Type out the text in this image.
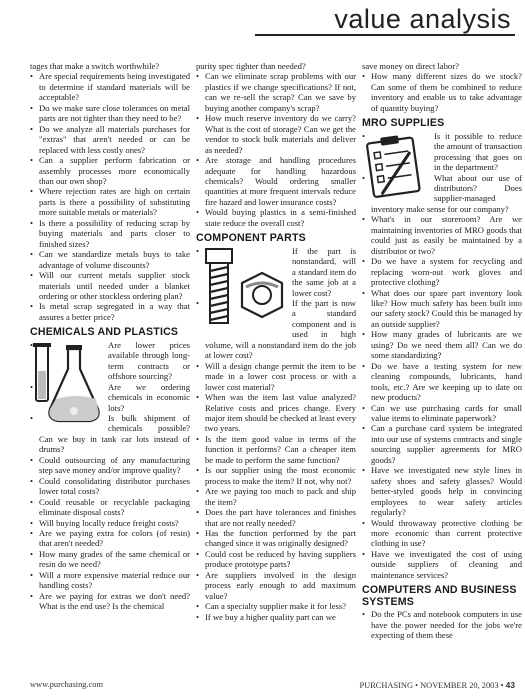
value analysis
tages that make a switch worthwhile?
• Are special requirements being investigated to determine if standard materials will be acceptable?
• Do we make sure close tolerances on metal parts are not tighter than they need to be?
• Do we analyze all materials purchases for "extras" that aren't needed or can be replaced with less costly ones?
• Can a supplier perform fabrication or assembly processes more economically than our own shop?
• Where rejection rates are high on certain parts is there a possibility of substituting more suitable metals or materials?
• Is there a possibility of reducing scrap by buying materials and parts closer to finished sizes?
• Can we standardize metals buys to take advantage of volume discounts?
• Will our current metals supplier stock materials until needed under a blanket ordering or other stockless ordering plan?
• Is metal scrap segregated in a way that assures a better price?
CHEMICALS AND PLASTICS
• Are lower prices available through long-term contracts or offshore sourcing?
• Are we ordering chemicals in economic lots?
• Is bulk shipment of chemicals possible? Can we buy in tank car lots instead of drums?
• Could outsourcing of any manufacturing step save money and/or improve quality?
• Could consolidating distributor purchases lower total costs?
• Could reusable or recyclable packaging eliminate disposal costs?
• Will buying locally reduce freight costs?
• Are we paying extra for colors (of resin) that aren't needed?
• How many grades of the same chemical or resin do we need?
• Will a more expensive material reduce our handling costs?
• Are we paying for extras we don't need? What is the end use? Is the chemical
purity spec tighter than needed?
• Can we eliminate scrap problems with our plastics if we change specifications? If not, can we re-sell the scrap? Can we save by buying another company's scrap?
• How much reserve inventory do we carry? What is the cost of storage? Can we get the vendor to stock bulk materials and deliver as needed?
• Are storage and handling procedures adequate for handling hazardous chemicals? Would ordering smaller quantities at more frequent intervals reduce fire hazard and lower insurance costs?
• Would buying plastics in a semi-finished state reduce the overall cost?
COMPONENT PARTS
• If the part is nonstandard, will a standard item do the same job at a lower cost?
• If the part is now a standard component and is used in high volume, will a nonstandard item do the job at lower cost?
• Will a design change permit the item to be made in a lower cost process or with a lower cost material?
• When was the item last value analyzed? Relative costs and prices change. Every major item should be checked at least every two years.
• Is the item good value in terms of the function it performs? Can a cheaper item be made to perform the same function?
• Is our supplier using the most economic process to make the item? If not, why not?
• Are we paying too much to pack and ship the item?
• Does the part have tolerances and finishes that are not really needed?
• Has the function performed by the part changed since it was originally designed?
• Could cost be reduced by having suppliers produce prototype parts?
• Are suppliers involved in the design process early enough to add maximum value?
• Can a specialty supplier make it for less?
• If we buy a higher quality part can we
save money on direct labor?
• How many different sizes do we stock? Can some of them be combined to reduce inventory and enable us to take advantage of quantity buying?
MRO SUPPLIES
• Is it possible to reduce the amount of transaction processing that goes on in the department?
• What about our use of distributors? Does supplier-managed inventory make sense for our company?
• What's in our storeroom? Are we maintaining inventories of MRO goods that could just as easily be maintained by a distributor or two?
• Do we have a system for recycling and replacing worn-out work gloves and protective clothing?
• What does our spare part inventory look like? How much safety has been built into our safety stock? Could this be managed by an outside supplier?
• How many grades of lubricants are we using? Do we need them all? Can we do some standardizing?
• Do we have a testing system for new cleaning compounds, lubricants, hand tools, etc.? Are we keeping up to date on new products?
• Can we use purchasing cards for small value items to eliminate paperwork?
• Can a purchase card system be integrated into our use of systems contracts and single sourcing supplier agreements for MRO goods?
• Have we investigated new style lines in safety shoes and safety glasses? Would better-styled goods help in convincing employees to wear safety articles regularly?
• Would throwaway protective clothing be more economic than current protective clothing in use?
• Have we investigated the cost of using outside suppliers of cleaning and maintenance services?
COMPUTERS AND BUSINESS SYSTEMS
• Do the PCs and notebook computers in use have the power needed for the jobs we're expecting of them these
www.purchasing.com	PURCHASING • NOVEMBER 20, 2003 • 43
